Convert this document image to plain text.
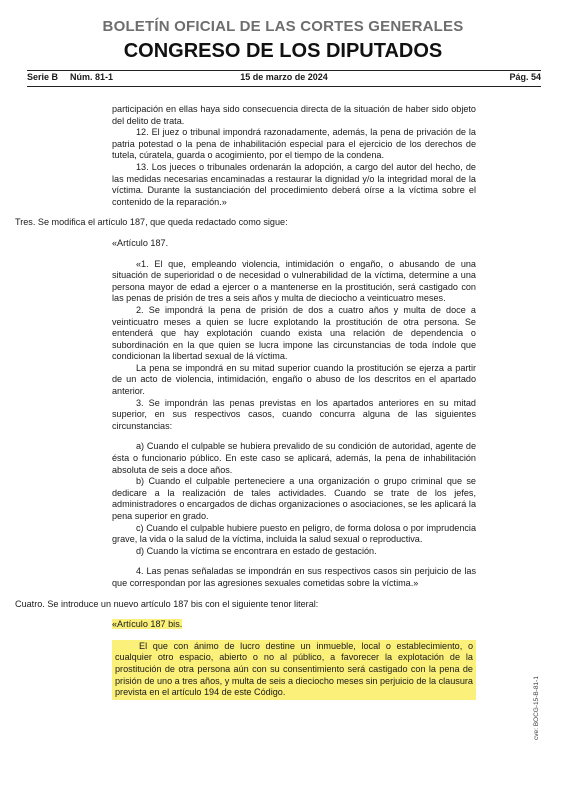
BOLETÍN OFICIAL DE LAS CORTES GENERALES
CONGRESO DE LOS DIPUTADOS
15 de marzo de 2024
Serie B Núm. 81-1	Pág. 54

participación en ellas haya sido consecuencia directa de la situación de haber sido objeto del delito de trata.

12. El juez o tribunal impondrá razonadamente, además, la pena de privación de la patria potestad o la pena de inhabilitación especial para el ejercicio de los derechos de tutela, cúratela, guarda o acogimiento, por el tiempo de la condena.

13. Los jueces o tribunales ordenarán la adopción, a cargo del autor del hecho, de las medidas necesarias encaminadas a restaurar la dignidad y/o la integridad moral de la víctima. Durante la sustanciación del procedimiento deberá oírse a la víctima sobre el contenido de la reparación.»

Tres. Se modifica el artículo 187, que queda redactado como sigue:

«Artículo 187.

«1. El que, empleando violencia, intimidación o engaño, o abusando de una situación de superioridad o de necesidad o vulnerabilidad de la víctima, determine a una persona mayor de edad a ejercer o a mantenerse en la prostitución, será castigado con las penas de prisión de tres a seis años y multa de dieciocho a veinticuatro meses.

2. Se impondrá la pena de prisión de dos a cuatro años y multa de doce a veinticuatro meses a quien se lucre explotando la prostitución de otra persona. Se entenderá que hay explotación cuando exista una relación de dependencia o subordinación en la que quien se lucra impone las circunstancias de toda índole que condicionan la libertad sexual de lá víctima.

La pena se impondrá en su mitad superior cuando la prostitución se ejerza a partir de un acto de violencia, intimidación, engaño o abuso de los descritos en el apartado anterior.

3. Se impondrán las penas previstas en los apartados anteriores en su mitad superior, en sus respectivos casos, cuando concurra alguna de las siguientes circunstancias:

a) Cuando el culpable se hubiera prevalido de su condición de autoridad, agente de ésta o funcionario público. En este caso se aplicará, además, la pena de inhabilitación absoluta de seis a doce años.

b) Cuando el culpable perteneciere a una organización o grupo criminal que se dedicare a la realización de tales actividades. Cuando se trate de los jefes, administradores o encargados de dichas organizaciones o asociaciones, se les aplicará la pena superior en grado.

c) Cuando el culpable hubiere puesto en peligro, de forma dolosa o por imprudencia grave, la vida o la salud de la víctima, incluida la salud sexual o reproductiva.

d) Cuando la víctima se encontrara en estado de gestación.

4. Las penas señaladas se impondrán en sus respectivos casos sin perjuicio de las que correspondan por las agresiones sexuales cometidas sobre la víctima.»

Cuatro. Se introduce un nuevo artículo 187 bis con el siguiente tenor literal:

«Artículo 187 bis.

El que con ánimo de lucro destine un inmueble, local o establecimiento, o cualquier otro espacio, abierto o no al público, a favorecer la explotación de la prostitución de otra persona aún con su consentimiento será castigado con la pena de prisión de uno a tres años, y multa de seis a dieciocho meses sin perjuicio de la clausura prevista en el artículo 194 de este Código.	cve: BOCG-15-B-81-1
